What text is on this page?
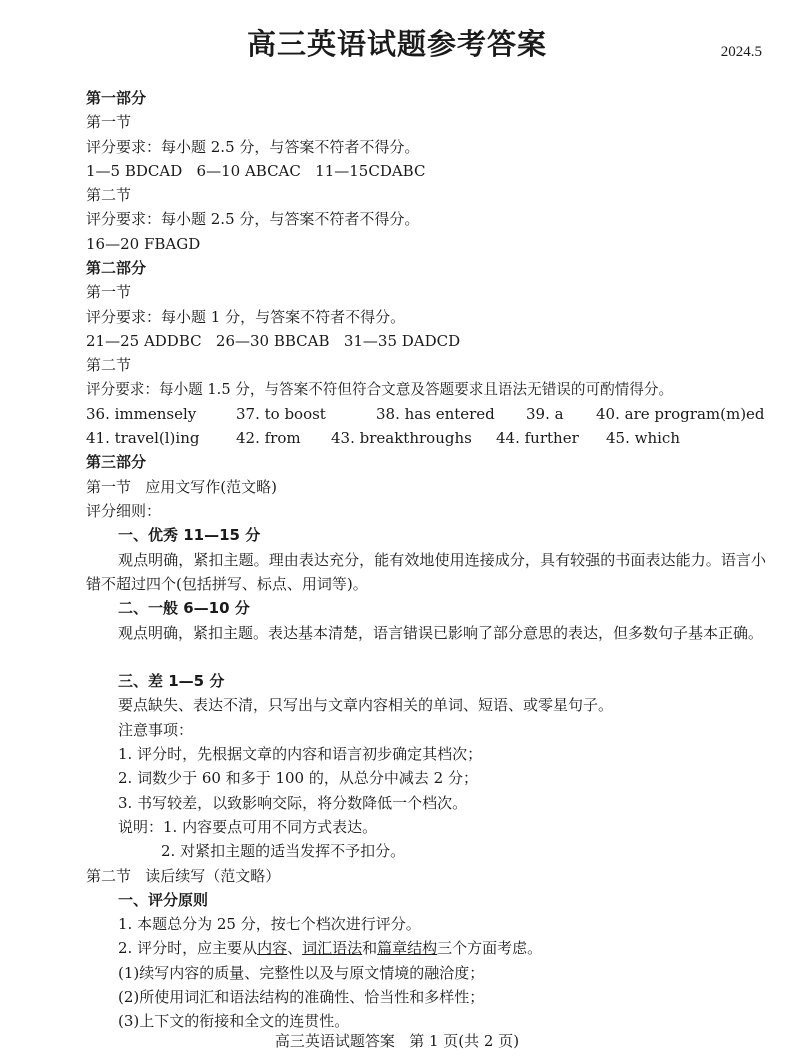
高三英语试题参考答案	2024.5
第一部分
第一节
评分要求：每小题 2.5 分，与答案不符者不得分。
1—5 BDCAD   6—10 ABCAC   11—15CDABC
第二节
评分要求：每小题 2.5 分，与答案不符者不得分。
16—20 FBAGD
第二部分
第一节
评分要求：每小题 1 分，与答案不符者不得分。
21—25 ADDBC   26—30 BBCAB   31—35 DADCD
第二节
评分要求：每小题 1.5 分，与答案不符但符合文意及答题要求且语法无错误的可酌情得分。
36. immensely	37. to boost	38. has entered	39. a	40. are program(m)ed
41. travel(l)ing	42. from	43. breakthroughs	44. further	45. which
第三部分
第一节   应用文写作(范文略)
评分细则：
一、优秀 11—15 分
观点明确，紧扣主题。理由表达充分，能有效地使用连接成分，具有较强的书面表达能力。语言小错不超过四个(包括拼写、标点、用词等)。
二、一般 6—10 分
观点明确，紧扣主题。表达基本清楚，语言错误已影响了部分意思的表达，但多数句子基本正确。
三、差 1—5 分
要点缺失、表达不清，只写出与文章内容相关的单词、短语、或零星句子。
注意事项：
1. 评分时，先根据文章的内容和语言初步确定其档次；
2. 词数少于 60 和多于 100 的，从总分中减去 2 分；
3. 书写较差，以致影响交际，将分数降低一个档次。
说明：1. 内容要点可用不同方式表达。
2. 对紧扣主题的适当发挥不予扣分。
第二节   读后续写（范文略）
一、评分原则
1. 本题总分为 25 分，按七个档次进行评分。
2. 评分时，应主要从内容、词汇语法和篇章结构三个方面考虑。
(1)续写内容的质量、完整性以及与原文情境的融洽度；
(2)所使用词汇和语法结构的准确性、恰当性和多样性；
(3)上下文的衔接和全文的连贯性。
高三英语试题答案   第 1 页(共 2 页)
